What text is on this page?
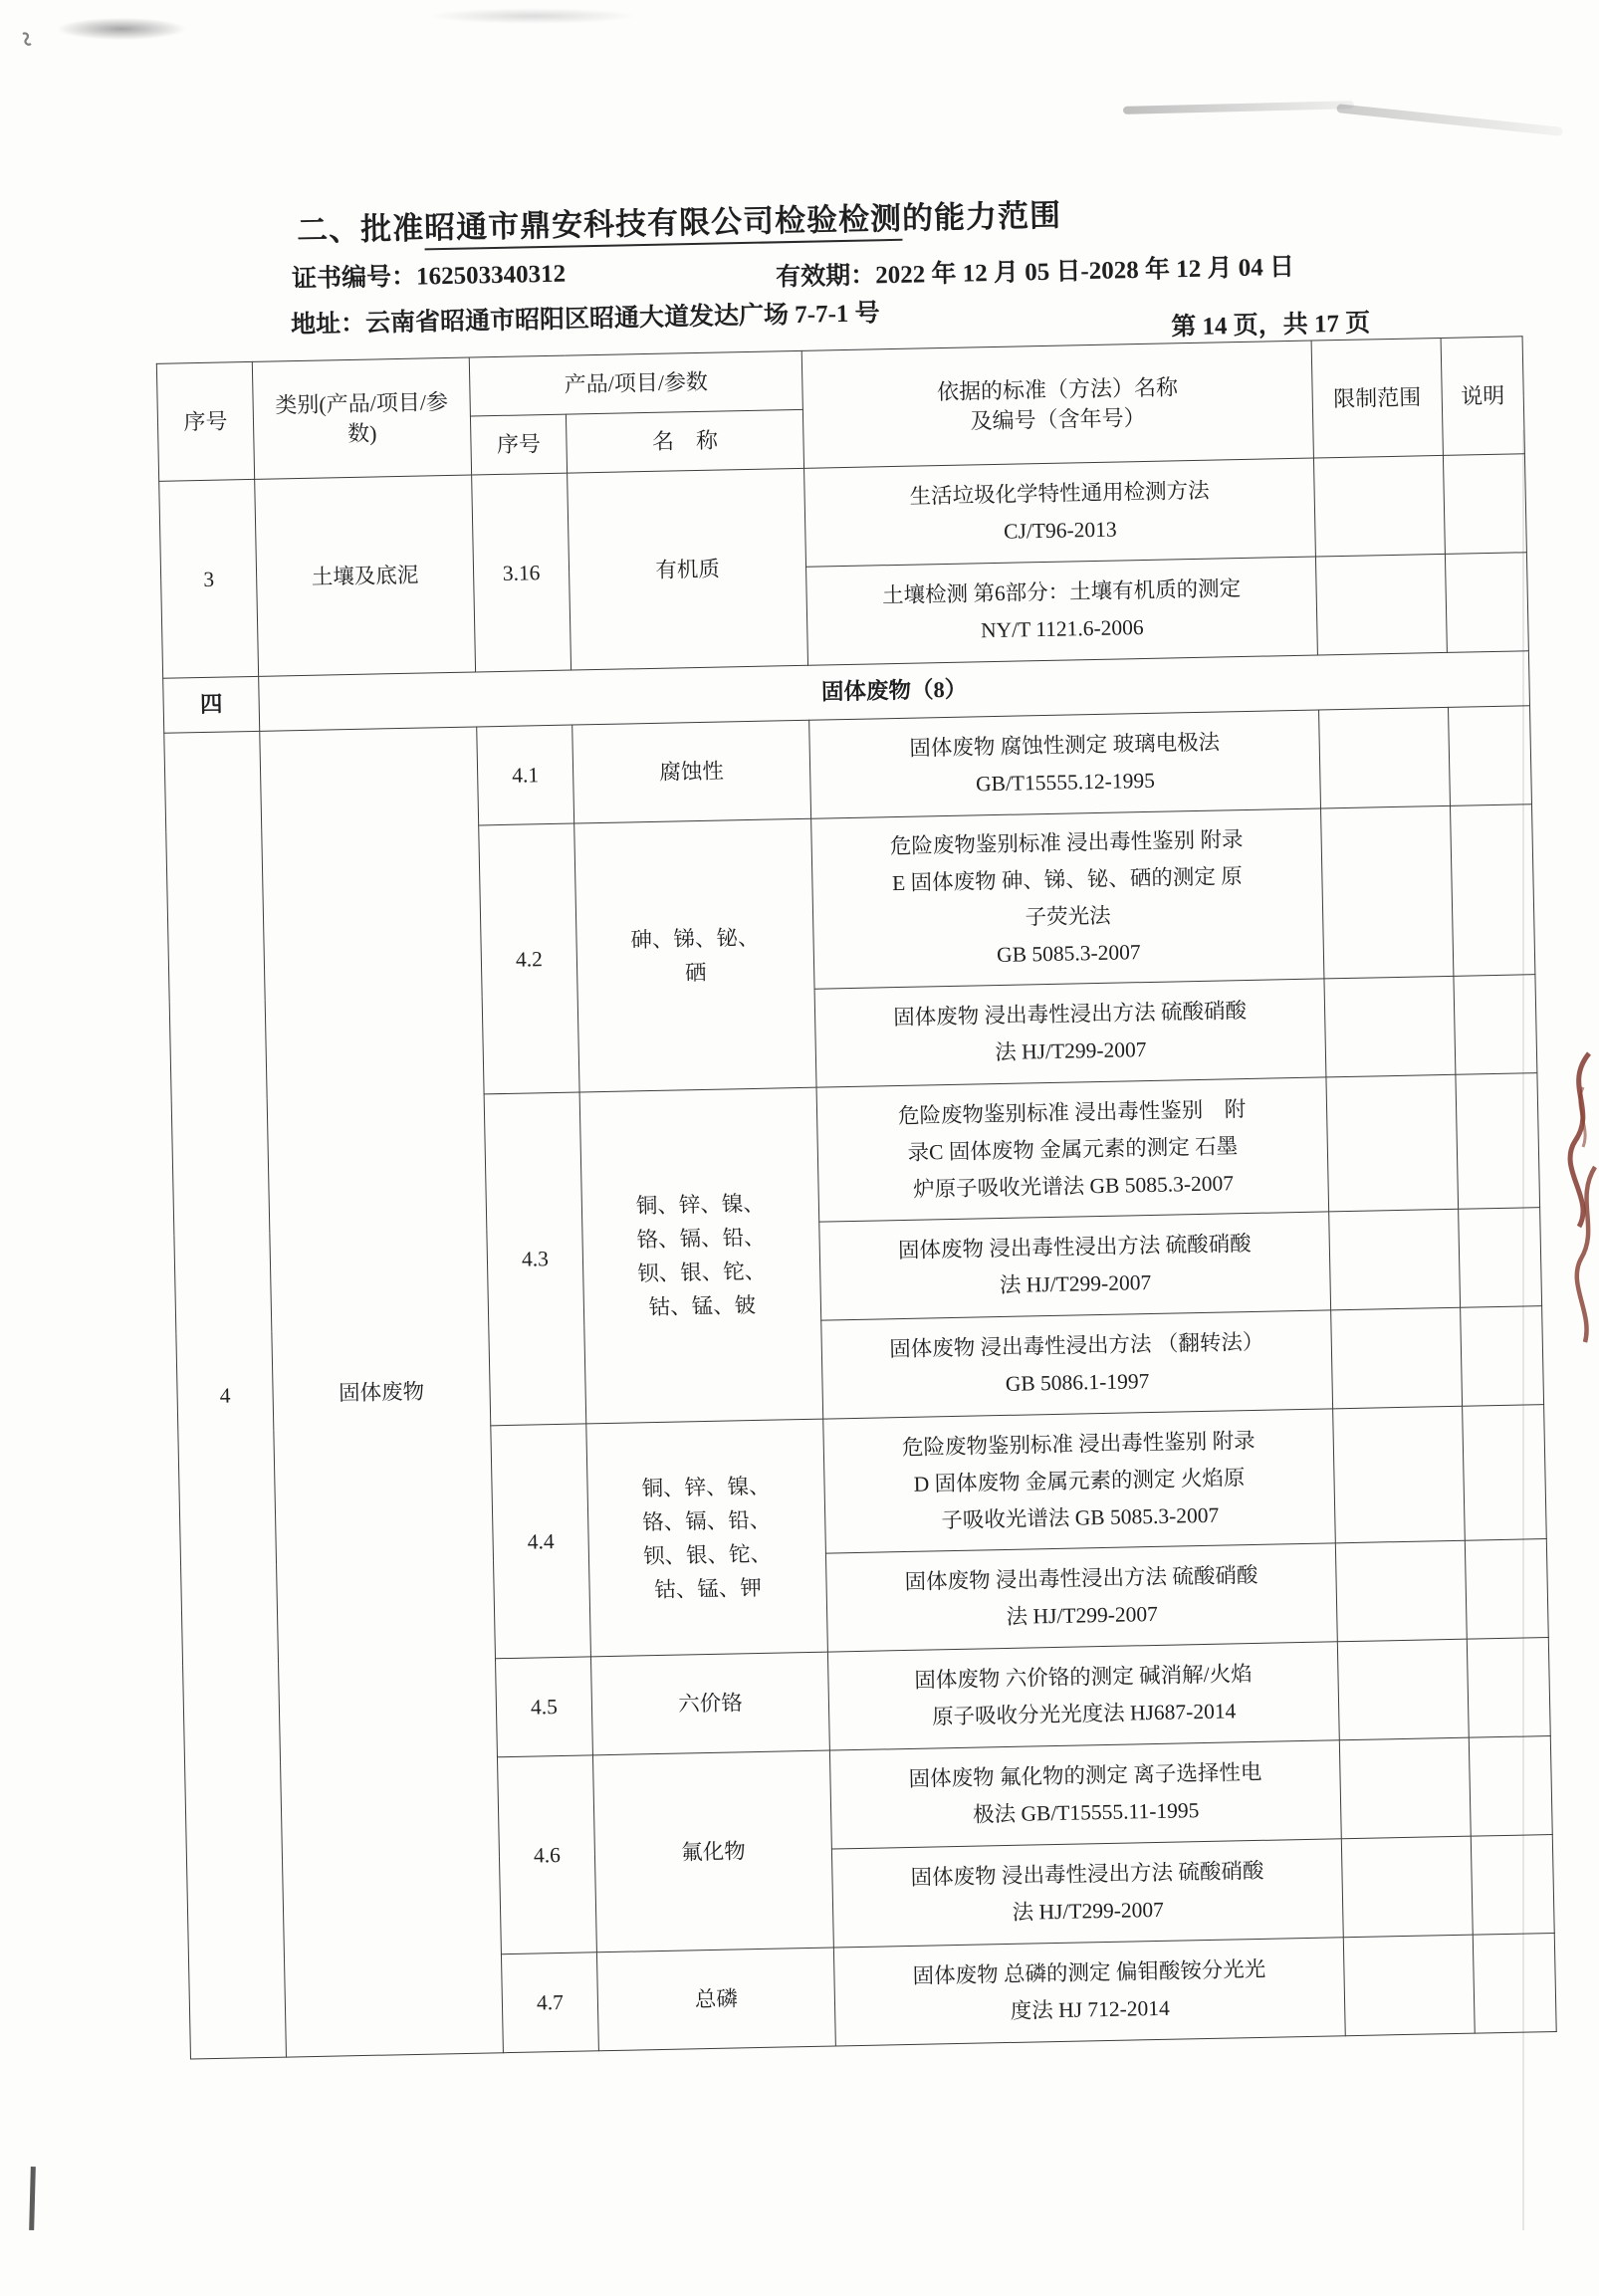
二、批准昭通市鼎安科技有限公司检验检测的能力范围
证书编号：162503340312	有效期：2022 年 12 月 05 日-2028 年 12 月 04 日
地址：云南省昭通市昭阳区昭通大道发达广场 7-7-1 号	第 14 页，共 17 页
序号	类别(产品/项目/参数)	产品/项目/参数		依据的标准（方法）名称
及编号（含年号）	限制范围	说明
		序号	名　称			
3	土壤及底泥	3.16	有机质	生活垃圾化学特性通用检测方法
CJ/T96-2013		
				土壤检测 第6部分：土壤有机质的测定
NY/T 1121.6-2006		
四	固体废物（8）					
4	固体废物	4.1	腐蚀性	固体废物 腐蚀性测定 玻璃电极法
GB/T15555.12-1995		
		4.2	砷、锑、铋、
硒	危险废物鉴别标准 浸出毒性鉴别 附录
E 固体废物 砷、锑、铋、硒的测定 原
子荧光法
GB 5085.3-2007		
				固体废物 浸出毒性浸出方法 硫酸硝酸
法 HJ/T299-2007		
		4.3	铜、锌、镍、
铬、镉、铅、
钡、银、铊、
钴、锰、铍	危险废物鉴别标准 浸出毒性鉴别　附
录C 固体废物 金属元素的测定 石墨
炉原子吸收光谱法 GB 5085.3-2007		
				固体废物 浸出毒性浸出方法 硫酸硝酸
法 HJ/T299-2007		
				固体废物 浸出毒性浸出方法 （翻转法）
GB 5086.1-1997		
		4.4	铜、锌、镍、
铬、镉、铅、
钡、银、铊、
钴、锰、钾	危险废物鉴别标准 浸出毒性鉴别 附录
D 固体废物 金属元素的测定 火焰原
子吸收光谱法 GB 5085.3-2007		
				固体废物 浸出毒性浸出方法 硫酸硝酸
法 HJ/T299-2007		
		4.5	六价铬	固体废物 六价铬的测定 碱消解/火焰
原子吸收分光光度法 HJ687-2014		
		4.6	氟化物	固体废物 氟化物的测定 离子选择性电
极法 GB/T15555.11-1995		
				固体废物 浸出毒性浸出方法 硫酸硝酸
法 HJ/T299-2007		
		4.7	总磷	固体废物 总磷的测定 偏钼酸铵分光光
度法 HJ 712-2014		
